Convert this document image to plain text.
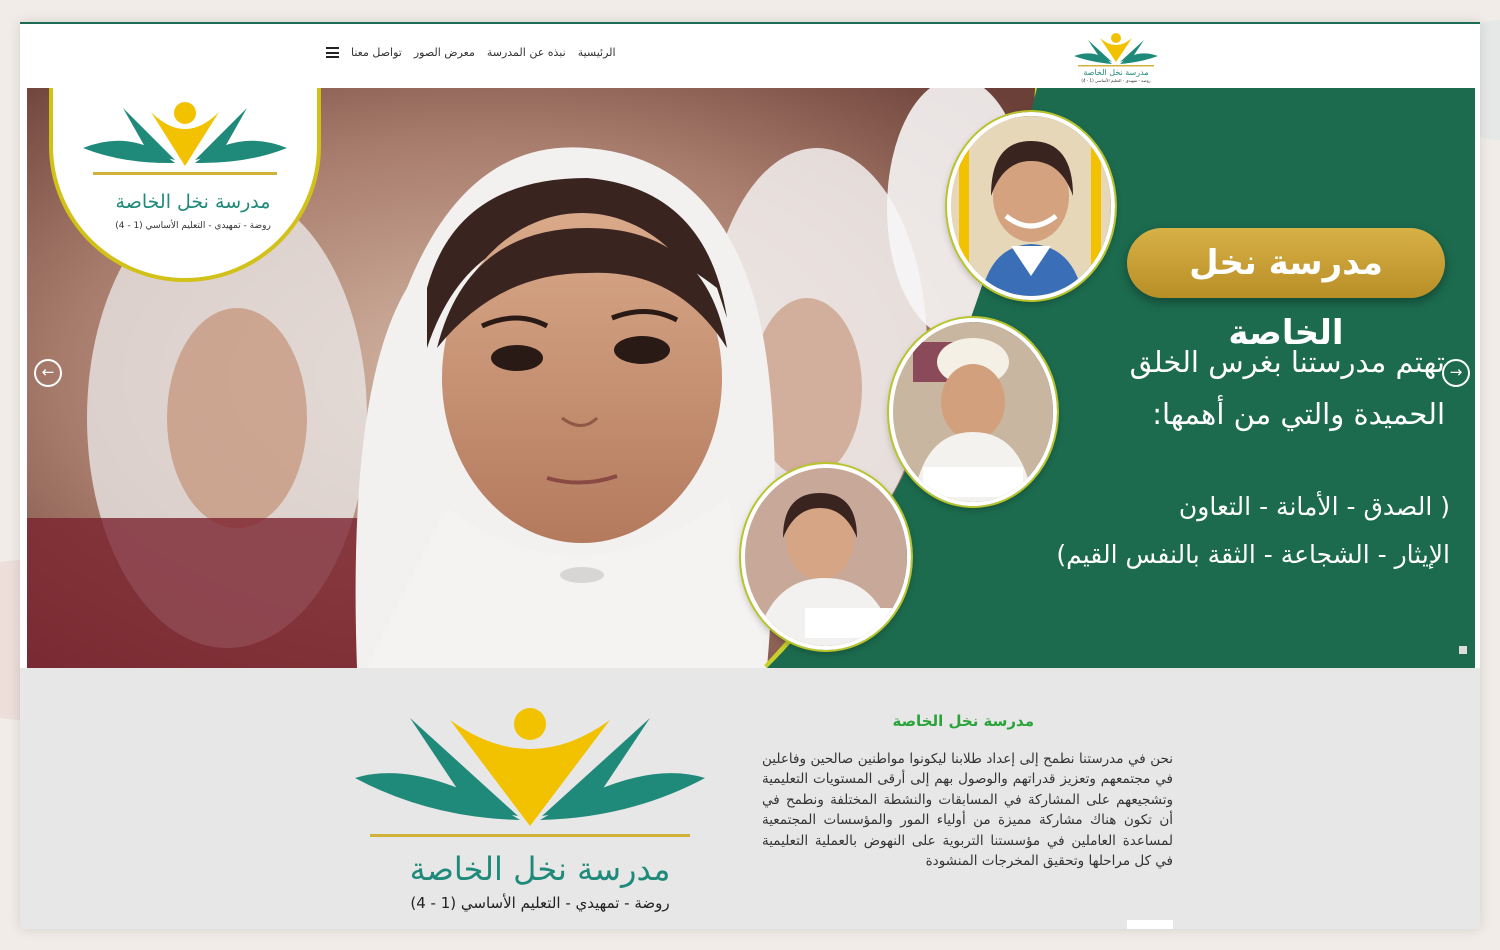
تواصل معنا معرض الصور نبذه عن المدرسة الرئيسية
مدرسة نخل الخاصة
روضة - تمهيدي - التعليم الأساسي (1 - 4)
مدرسة نخل الخاصة
روضة - تمهيدي - التعليم الأساسي (1 - 4)
مدرسة نخل الخاصة
تهتم مدرستنا بغرس الخلق
الحميدة والتي من أهمها:
( الصدق - الأمانة - التعاون
الإيثار - الشجاعة - الثقة بالنفس القيم)
←	→
مدرسة نخل الخاصة
روضة - تمهيدي - التعليم الأساسي (1 - 4)
مدرسة نخل الخاصة
نحن في مدرستنا نطمح إلى إعداد طلابنا ليكونوا مواطنين صالحين وفاعلين في مجتمعهم وتعزيز قدراتهم والوصول بهم إلى أرقى المستويات التعليمية وتشجيعهم على المشاركة في المسابقات والنشطة المختلفة ونطمح في أن تكون هناك مشاركة مميزة من أولياء المور والمؤسسات المجتمعية لمساعدة العاملين في مؤسستنا التربوية على النهوض بالعملية التعليمية في كل مراحلها وتحقيق المخرجات المنشودة
